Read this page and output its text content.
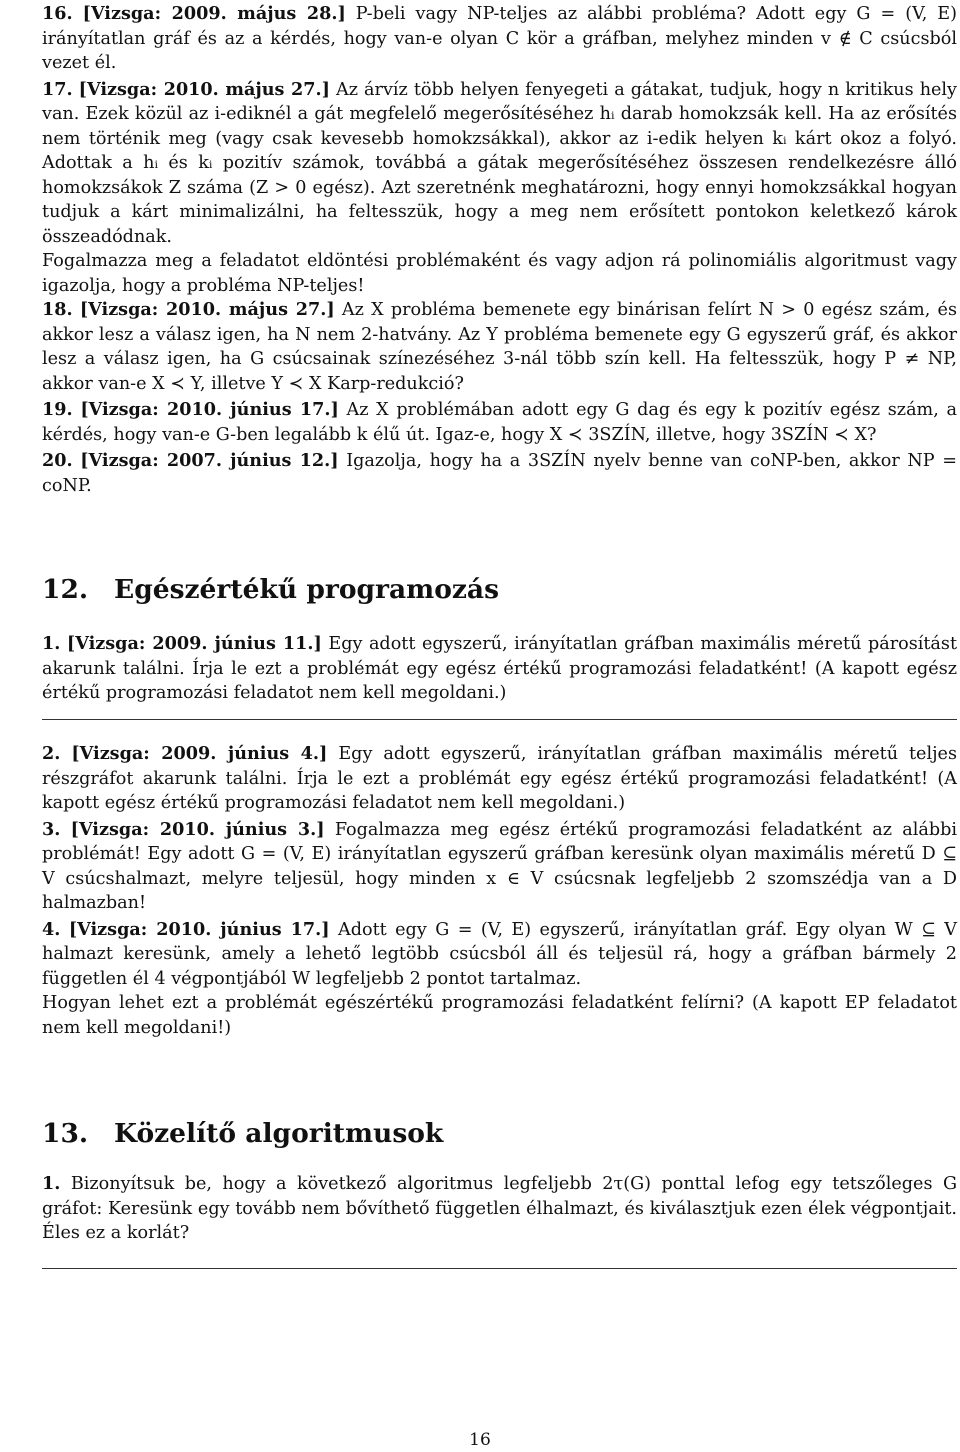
16. [Vizsga: 2009. május 28.] P-beli vagy NP-teljes az alábbi probléma? Adott egy G = (V, E) irányítatlan gráf és az a kérdés, hogy van-e olyan C kör a gráfban, melyhez minden v ∉ C csúcsból vezet él.

17. [Vizsga: 2010. május 27.] Az árvíz több helyen fenyegeti a gátakat, tudjuk, hogy n kritikus hely van. Ezek közül az i-ediknél a gát megfelelő megerősítéséhez hᵢ darab homokzsák kell. Ha az erősítés nem történik meg (vagy csak kevesebb homokzsákkal), akkor az i-edik helyen kᵢ kárt okoz a folyó. Adottak a hᵢ és kᵢ pozitív számok, továbbá a gátak megerősítéséhez összesen rendelkezésre álló homokzsákok Z száma (Z > 0 egész). Azt szeretnénk meghatározni, hogy ennyi homokzsákkal hogyan tudjuk a kárt minimalizálni, ha feltesszük, hogy a meg nem erősített pontokon keletkező károk összeadódnak.

Fogalmazza meg a feladatot eldöntési problémaként és vagy adjon rá polinomiális algoritmust vagy igazolja, hogy a probléma NP-teljes!

18. [Vizsga: 2010. május 27.] Az X probléma bemenete egy binárisan felírt N > 0 egész szám, és akkor lesz a válasz igen, ha N nem 2-hatvány. Az Y probléma bemenete egy G egyszerű gráf, és akkor lesz a válasz igen, ha G csúcsainak színezéséhez 3-nál több szín kell. Ha feltesszük, hogy P ≠ NP, akkor van-e X ≺ Y, illetve Y ≺ X Karp-redukció?

19. [Vizsga: 2010. június 17.] Az X problémában adott egy G dag és egy k pozitív egész szám, a kérdés, hogy van-e G-ben legalább k élű út. Igaz-e, hogy X ≺ 3SZÍN, illetve, hogy 3SZÍN ≺ X?

20. [Vizsga: 2007. június 12.] Igazolja, hogy ha a 3SZÍN nyelv benne van coNP-ben, akkor NP = coNP.

12. Egészértékű programozás

1. [Vizsga: 2009. június 11.] Egy adott egyszerű, irányítatlan gráfban maximális méretű párosítást akarunk találni. Írja le ezt a problémát egy egész értékű programozási feladatként! (A kapott egész értékű programozási feladatot nem kell megoldani.)

2. [Vizsga: 2009. június 4.] Egy adott egyszerű, irányítatlan gráfban maximális méretű teljes részgráfot akarunk találni. Írja le ezt a problémát egy egész értékű programozási feladatként! (A kapott egész értékű programozási feladatot nem kell megoldani.)

3. [Vizsga: 2010. június 3.] Fogalmazza meg egész értékű programozási feladatként az alábbi problémát! Egy adott G = (V, E) irányítatlan egyszerű gráfban keresünk olyan maximális méretű D ⊆ V csúcshalmazt, melyre teljesül, hogy minden x ∈ V csúcsnak legfeljebb 2 szomszédja van a D halmazban!

4. [Vizsga: 2010. június 17.] Adott egy G = (V, E) egyszerű, irányítatlan gráf. Egy olyan W ⊆ V halmazt keresünk, amely a lehető legtöbb csúcsból áll és teljesül rá, hogy a gráfban bármely 2 független él 4 végpontjából W legfeljebb 2 pontot tartalmaz.

Hogyan lehet ezt a problémát egészértékű programozási feladatként felírni? (A kapott EP feladatot nem kell megoldani!)

13. Közelítő algoritmusok

1. Bizonyítsuk be, hogy a következő algoritmus legfeljebb 2τ(G) ponttal lefog egy tetszőleges G gráfot: Keresünk egy tovább nem bővíthető független élhalmazt, és kiválasztjuk ezen élek végpontjait. Éles ez a korlát?

16
